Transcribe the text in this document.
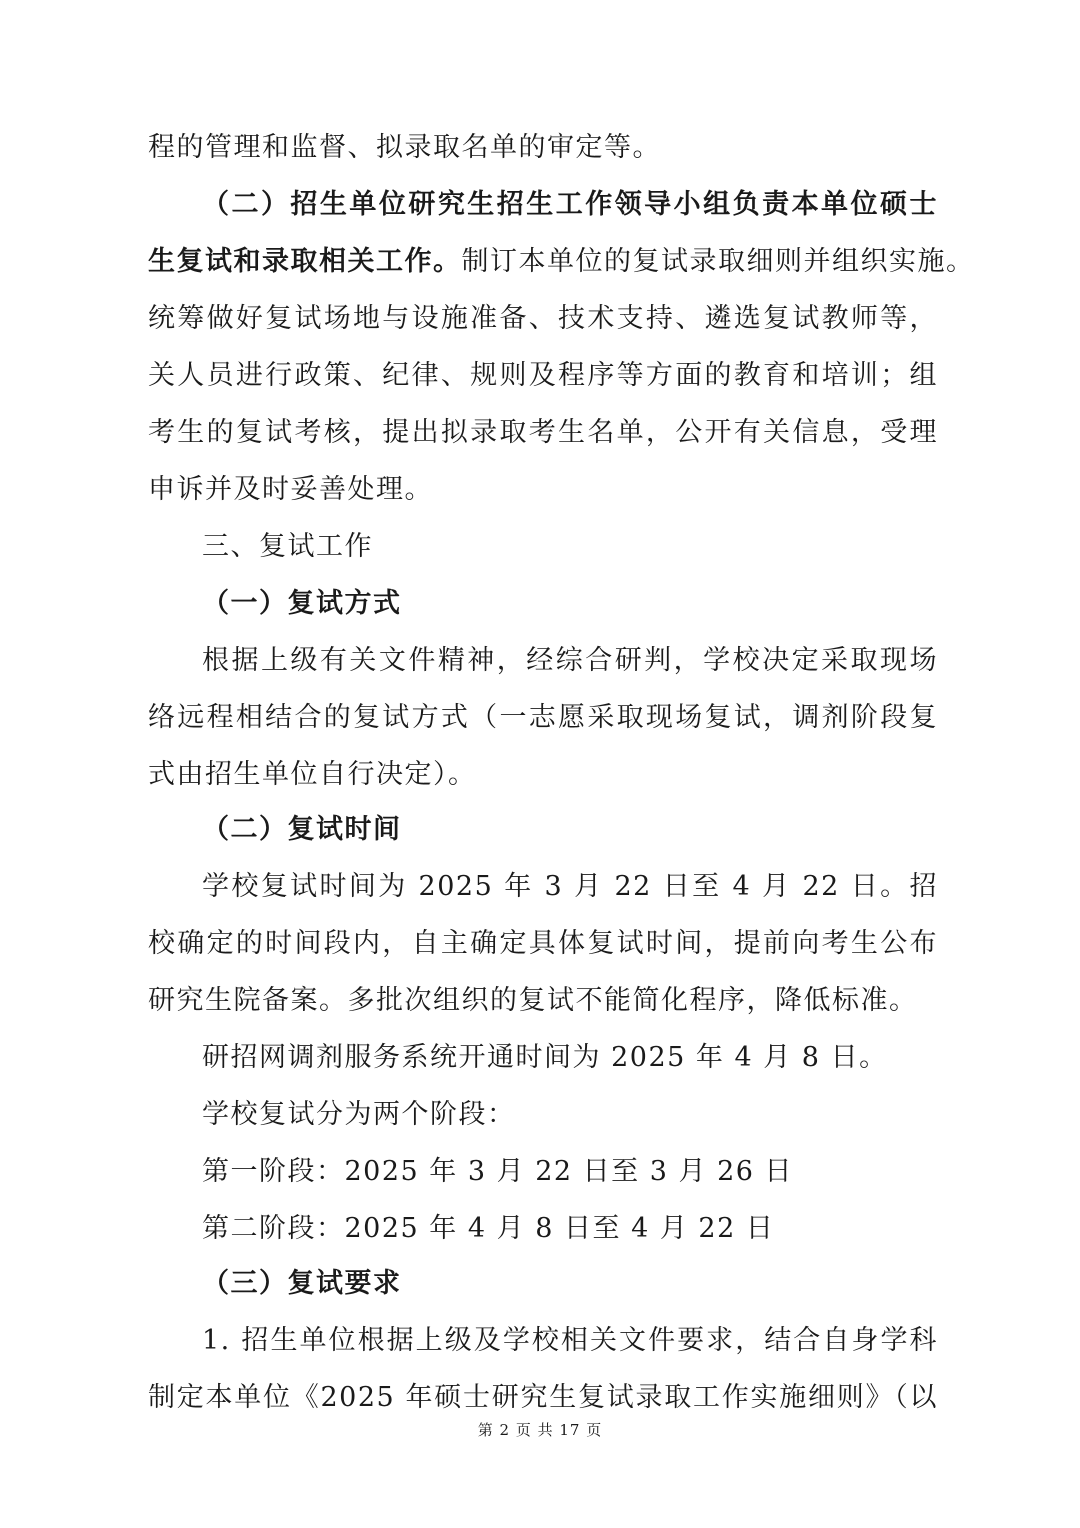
程的管理和监督、拟录取名单的审定等。
（二）招生单位研究生招生工作领导小组负责本单位硕士
生复试和录取相关工作。制订本单位的复试录取细则并组织实施。
统筹做好复试场地与设施准备、技术支持、遴选复试教师等，
关人员进行政策、纪律、规则及程序等方面的教育和培训；组
考生的复试考核，提出拟录取考生名单，公开有关信息，受理
申诉并及时妥善处理。
三、复试工作
（一）复试方式
根据上级有关文件精神，经综合研判，学校决定采取现场
络远程相结合的复试方式（一志愿采取现场复试，调剂阶段复
式由招生单位自行决定）。
（二）复试时间
学校复试时间为 2025 年 3 月 22 日至 4 月 22 日。招
校确定的时间段内，自主确定具体复试时间，提前向考生公布
研究生院备案。多批次组织的复试不能简化程序，降低标准。
研招网调剂服务系统开通时间为 2025 年 4 月 8 日。
学校复试分为两个阶段：
第一阶段：2025 年 3 月 22 日至 3 月 26 日
第二阶段：2025 年 4 月 8 日至 4 月 22 日
（三）复试要求
1. 招生单位根据上级及学校相关文件要求，结合自身学科
制定本单位《2025 年硕士研究生复试录取工作实施细则》（以
第 2 页 共 17 页
